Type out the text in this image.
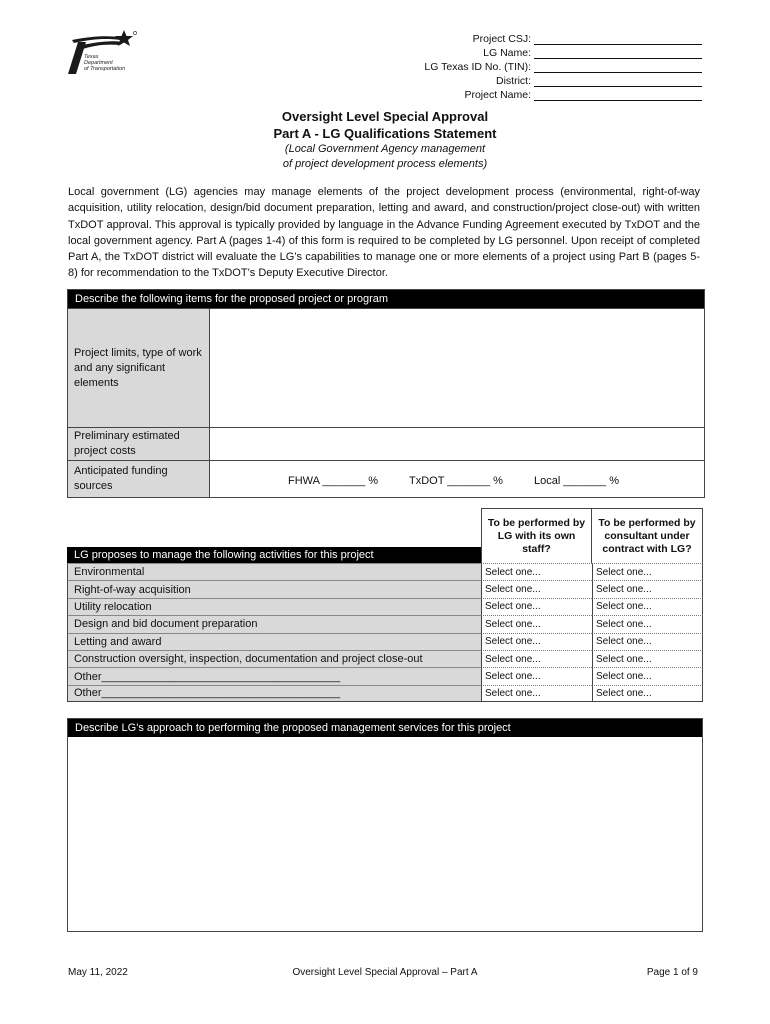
Texas
Department
of Transportation
Project CSJ:
LG Name:
LG Texas ID No. (TIN):
District:
Project Name:
Oversight Level Special Approval
Part A - LG Qualifications Statement
(Local Government Agency management
of project development process elements)
Local government (LG) agencies may manage elements of the project development process (environmental, right-of-way acquisition, utility relocation, design/bid document preparation, letting and award, and construction/project close-out) with written TxDOT approval. This approval is typically provided by language in the Advance Funding Agreement executed by TxDOT and the local government agency. Part A (pages 1-4) of this form is required to be completed by LG personnel. Upon receipt of completed Part A, the TxDOT district will evaluate the LG’s capabilities to manage one or more elements of a project using Part B (pages 5-8) for recommendation to the TxDOT’s Deputy Executive Director.
Describe the following items for the proposed project or program
Project limits, type of work and any significant elements
Preliminary estimated project costs
Anticipated funding sources	FHWA _______ %	TxDOT _______ %	Local _______ %
LG proposes to manage the following activities for this project
To be performed by LG with its own staff?
To be performed by consultant under contract with LG?
Environmental	Select one...	Select one...
Right-of-way acquisition	Select one...	Select one...
Utility relocation	Select one...	Select one...
Design and bid document preparation	Select one...	Select one...
Letting and award	Select one...	Select one...
Construction oversight, inspection, documentation and project close-out	Select one...	Select one...
Other_______________________________________	Select one...	Select one...
Other_______________________________________	Select one...	Select one...
Describe LG’s approach to performing the proposed management services for this project
May 11, 2022	Oversight Level Special Approval – Part A	Page 1 of 9
